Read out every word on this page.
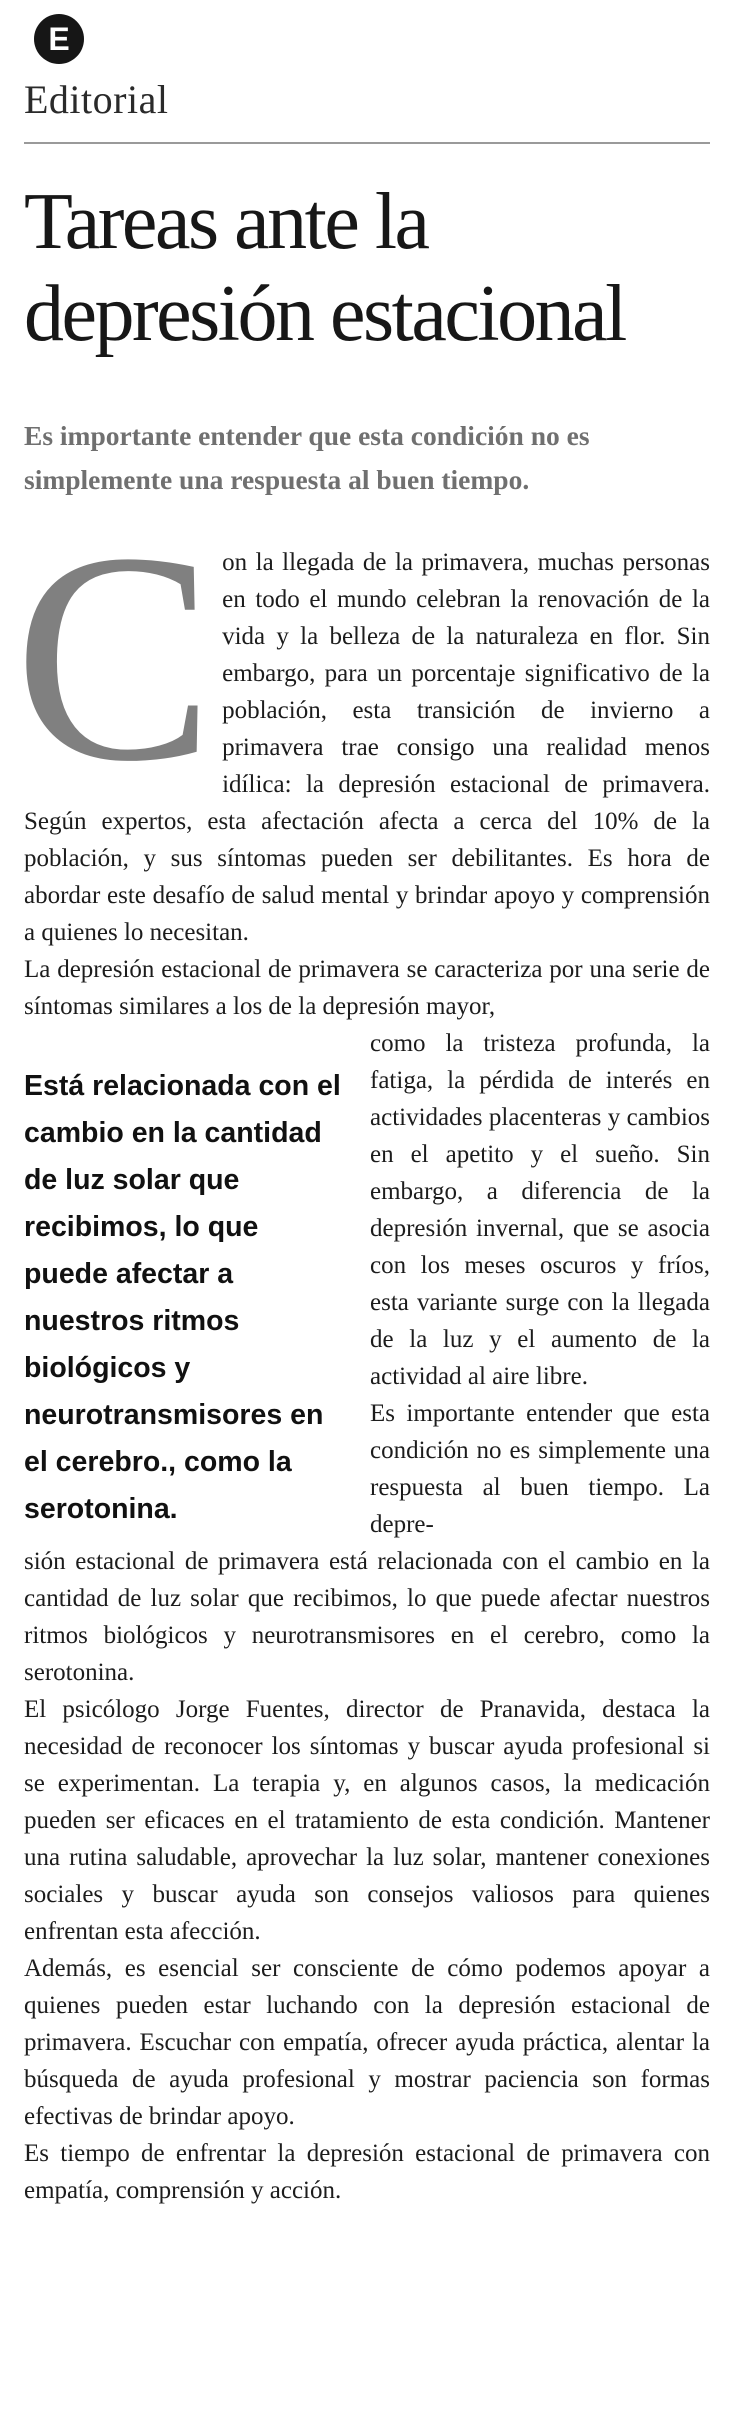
E
Editorial
Tareas ante la depresión estacional
Es importante entender que esta condición no es simplemente una respuesta al buen tiempo.

C on la llegada de la primavera, muchas personas en todo el mundo celebran la renovación de la vida y la belleza de la naturaleza en flor. Sin embargo, para un porcentaje significativo de la población, esta transición de invierno a primavera trae consigo una realidad menos idílica: la depresión estacional de primavera. Según expertos, esta afectación afecta a cerca del 10% de la población, y sus síntomas pueden ser debilitantes. Es hora de abordar este desafío de salud mental y brindar apoyo y comprensión a quienes lo necesitan.

La depresión estacional de primavera se caracteriza por una serie de síntomas similares a los de la depresión mayor,

Está relacionada con el cambio en la cantidad de luz solar que recibimos, lo que puede afectar a nuestros ritmos biológicos y neurotransmisores en el cerebro., como la serotonina.

como la tristeza profunda, la fatiga, la pérdida de interés en actividades placenteras y cambios en el apetito y el sueño. Sin embargo, a diferencia de la depresión invernal, que se asocia con los meses oscuros y fríos, esta variante surge con la llegada de la luz y el aumento de la actividad al aire libre.

Es importante entender que esta condición no es simplemente una respuesta al buen tiempo. La depre-

sión estacional de primavera está relacionada con el cambio en la cantidad de luz solar que recibimos, lo que puede afectar nuestros ritmos biológicos y neurotransmisores en el cerebro, como la serotonina.

El psicólogo Jorge Fuentes, director de Pranavida, destaca la necesidad de reconocer los síntomas y buscar ayuda profesional si se experimentan. La terapia y, en algunos casos, la medicación pueden ser eficaces en el tratamiento de esta condición. Mantener una rutina saludable, aprovechar la luz solar, mantener conexiones sociales y buscar ayuda son consejos valiosos para quienes enfrentan esta afección.

Además, es esencial ser consciente de cómo podemos apoyar a quienes pueden estar luchando con la depresión estacional de primavera. Escuchar con empatía, ofrecer ayuda práctica, alentar la búsqueda de ayuda profesional y mostrar paciencia son formas efectivas de brindar apoyo.

Es tiempo de enfrentar la depresión estacional de primavera con empatía, comprensión y acción.
